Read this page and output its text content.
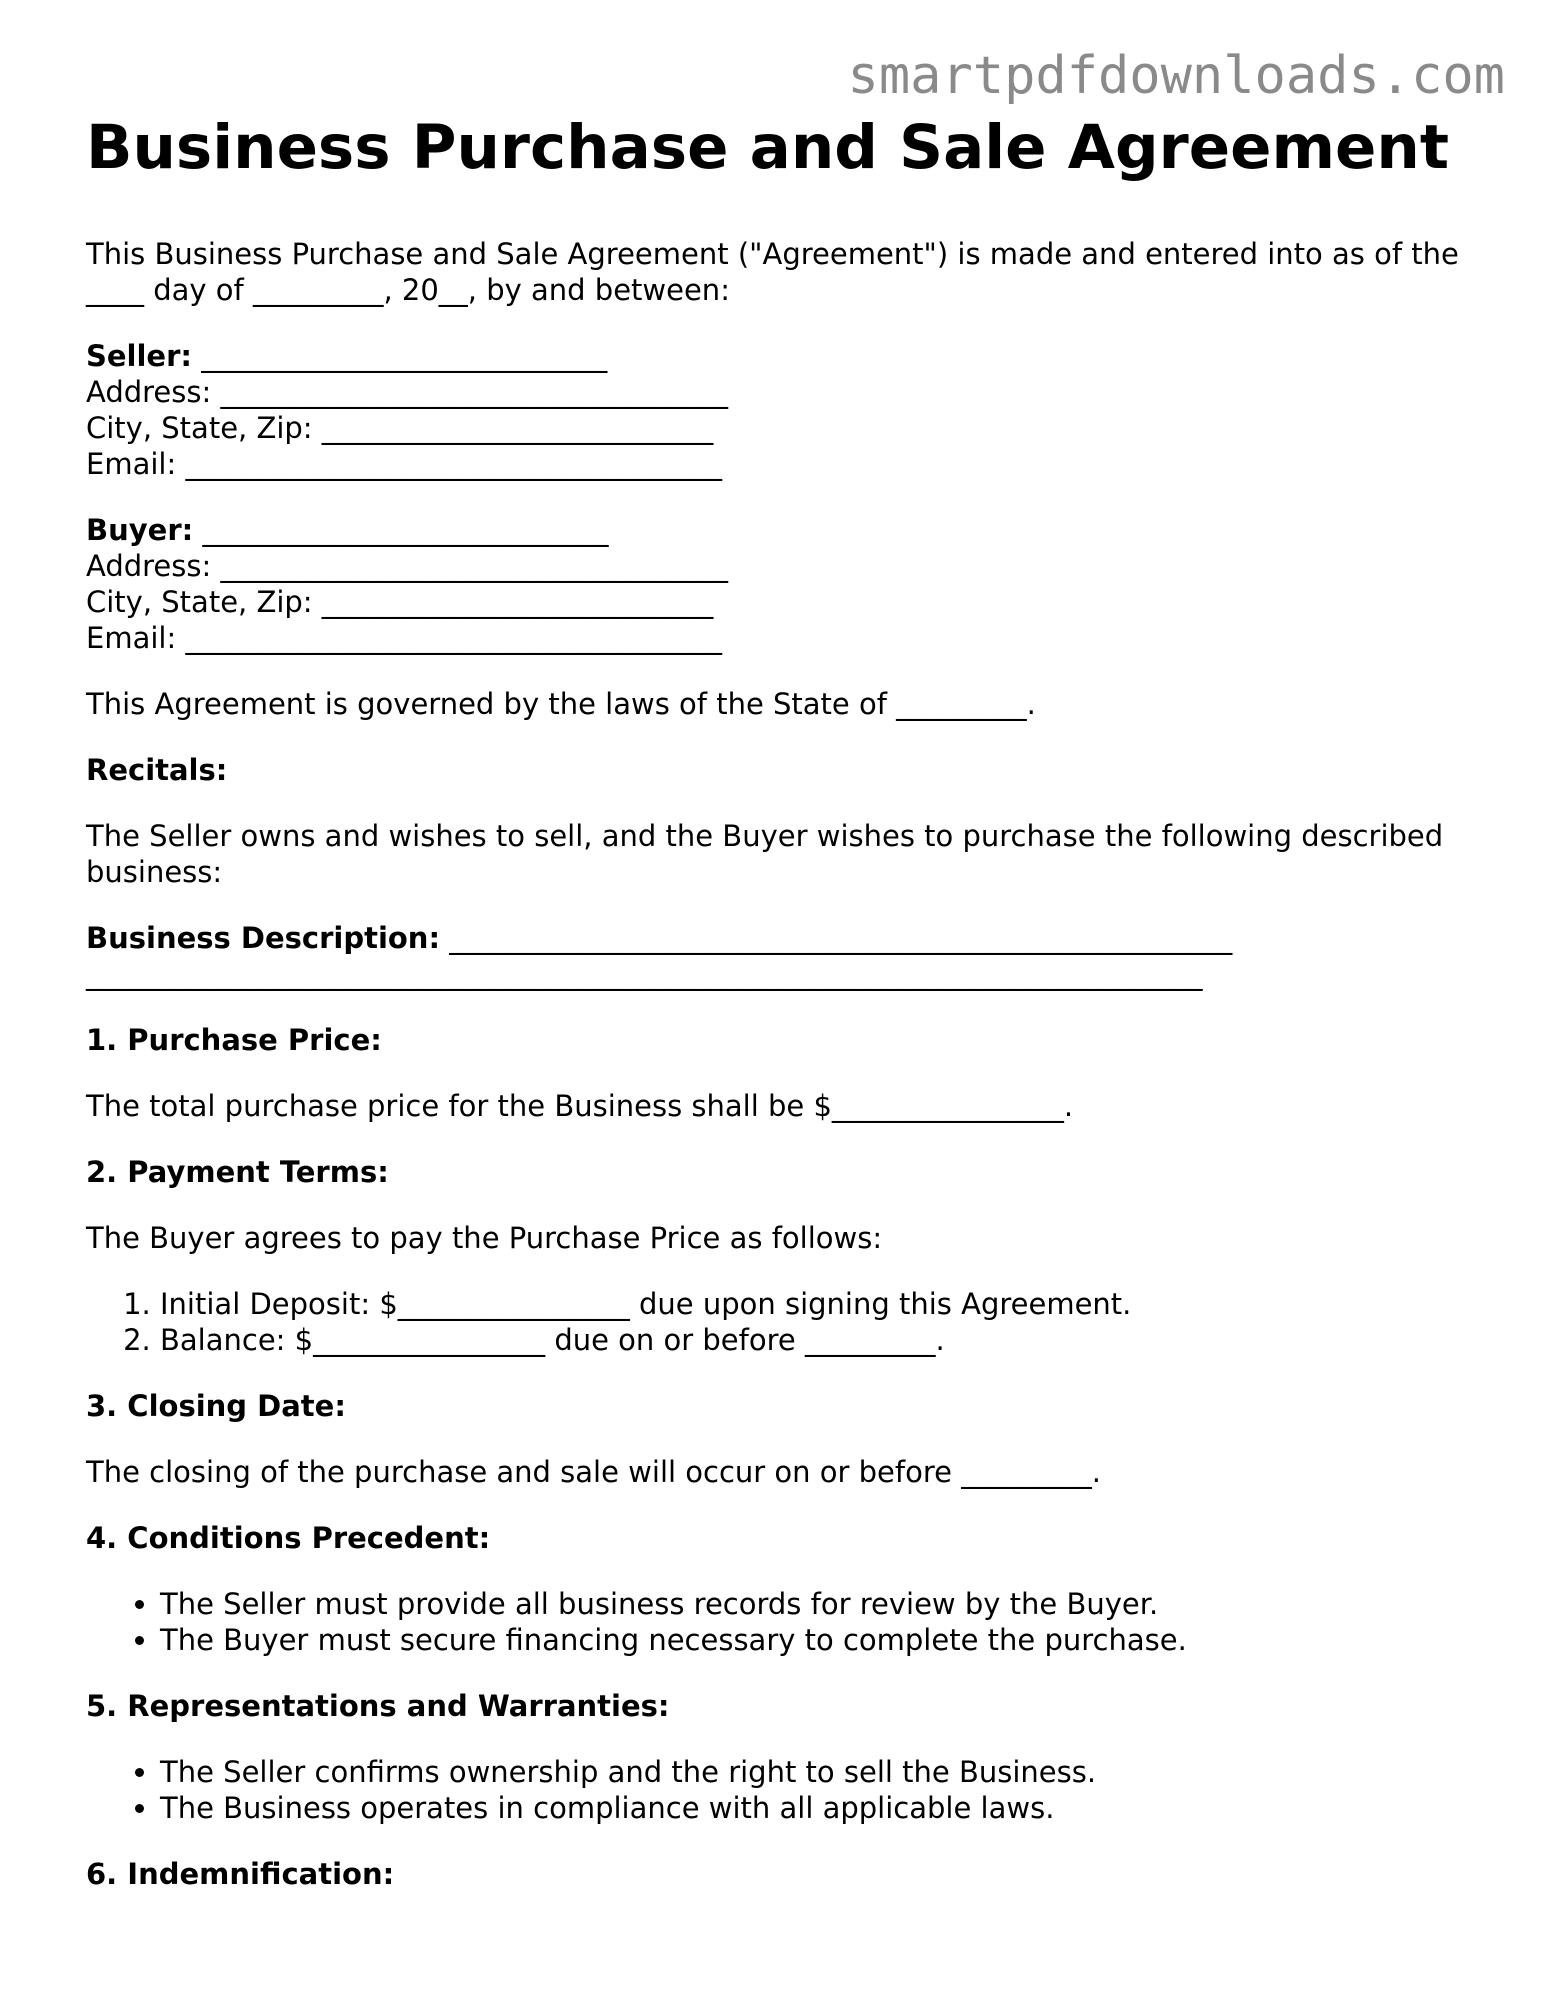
smartpdfdownloads.com
Business Purchase and Sale Agreement

This Business Purchase and Sale Agreement ("Agreement") is made and entered into as of the ____ day of _________, 20__, by and between:

Seller: ____________________________
Address: ___________________________________
City, State, Zip: ___________________________
Email: _____________________________________
Buyer: ____________________________
Address: ___________________________________
City, State, Zip: ___________________________
Email: _____________________________________

This Agreement is governed by the laws of the State of _________.

Recitals:

The Seller owns and wishes to sell, and the Buyer wishes to purchase the following described business:

Business Description: ______________________________________________________
_____________________________________________________________________________
1. Purchase Price:

The total purchase price for the Business shall be $________________.

2. Payment Terms:

The Buyer agrees to pay the Purchase Price as follows:

1. Initial Deposit: $________________ due upon signing this Agreement.
2. Balance: $________________ due on or before _________.
3. Closing Date:

The closing of the purchase and sale will occur on or before _________.

4. Conditions Precedent:
• The Seller must provide all business records for review by the Buyer.
• The Buyer must secure financing necessary to complete the purchase.
5. Representations and Warranties:
• The Seller confirms ownership and the right to sell the Business.
• The Business operates in compliance with all applicable laws.
6. Indemnification:
